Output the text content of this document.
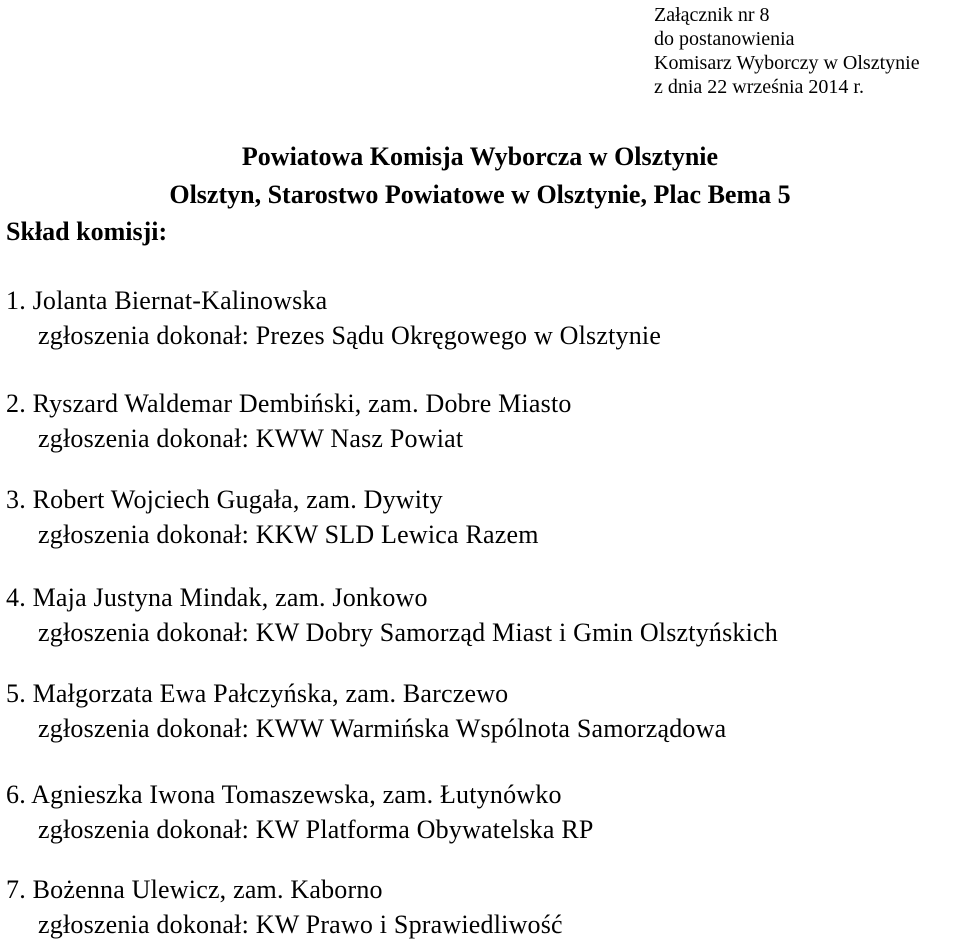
Załącznik nr 8
do postanowienia
Komisarz Wyborczy w Olsztynie
z dnia 22 września 2014 r.
Powiatowa Komisja Wyborcza w Olsztynie
Olsztyn, Starostwo Powiatowe w Olsztynie, Plac Bema 5
Skład komisji:
1. Jolanta Biernat-Kalinowska
zgłoszenia dokonał: Prezes Sądu Okręgowego w Olsztynie
2. Ryszard Waldemar Dembiński, zam. Dobre Miasto
zgłoszenia dokonał: KWW Nasz Powiat
3. Robert Wojciech Gugała, zam. Dywity
zgłoszenia dokonał: KKW SLD Lewica Razem
4. Maja Justyna Mindak, zam. Jonkowo
zgłoszenia dokonał: KW Dobry Samorząd Miast i Gmin Olsztyńskich
5. Małgorzata Ewa Pałczyńska, zam. Barczewo
zgłoszenia dokonał: KWW Warmińska Wspólnota Samorządowa
6. Agnieszka Iwona Tomaszewska, zam. Łutynówko
zgłoszenia dokonał: KW Platforma Obywatelska RP
7. Bożenna Ulewicz, zam. Kaborno
zgłoszenia dokonał: KW Prawo i Sprawiedliwość
